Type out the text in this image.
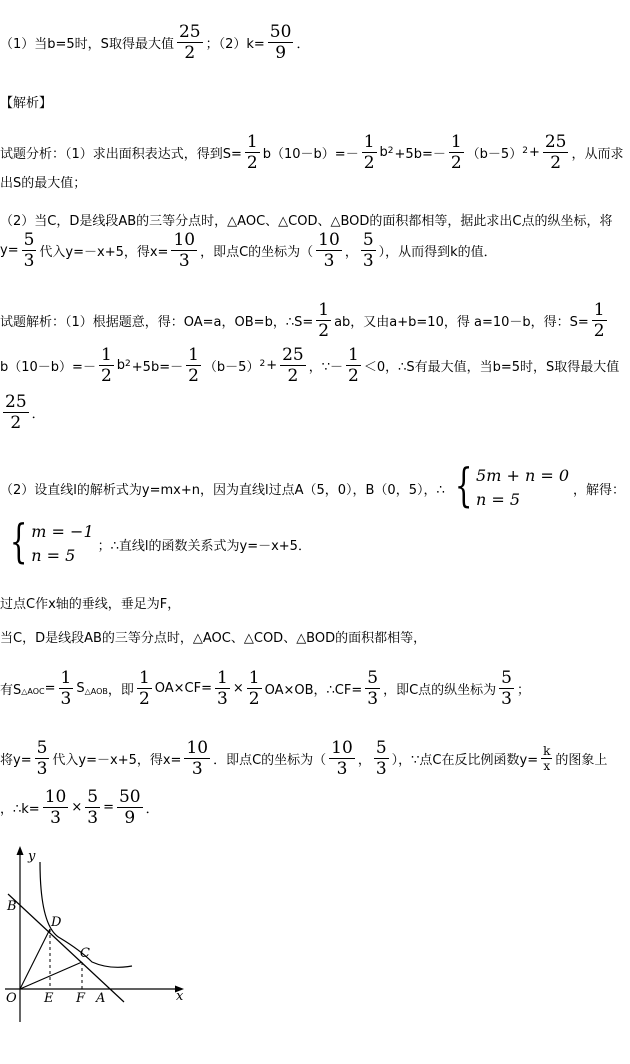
（1）当b=5时，S取得最大值 $\frac{25}{2}$ ；$(2)k= \frac{50}{9}$ ．
【解析】
试题分析：（1）求出面积表达式，得到$S= \frac{1}{2} b(10-b)=- \frac{1}{2}$ b $2 +5b=- \frac{1}{2} (b-5) 2 + \frac{25}{2}$ ，从而求
出S的最大值；
（2）当C，D是线段AB的三等分点时，△AOC、△COD、△BOD的面积都相等，据此求出C点的纵坐标，将
$y= \frac{5}{3}$ 代入y=－x+5，得$x= \frac{10}{3}$ ，即点C的坐标为（ $\frac{10}{3}$ ， $\frac{5}{3}$ ），从而得到k的值．
试题解析：（1）根据题意，得：OA=a，OB=b，∴S= $\frac{1}{2}$ ab，又由a+b=10，得 a=10－b，得：$S= \frac{1}{2}$
$b(10-b)=- \frac{1}{2}$ b $2 +5b=- \frac{1}{2} (b-5) 2 + \frac{25}{2}$ ，∵－ $\frac{1}{2} <0$，∴S有最大值，当b=5时，S取得最大值
$\frac{25}{2}$ ．
（2）设直线l的解析式为y=mx+n，因为直线l过点A（5，0），B（0，5），∴ { 5m + n = 0
n = 5	，解得：
{ m = −1
n = 5	；∴直线l的函数关系式为y=－x+5．
过点C作x轴的垂线，垂足为F，
当C，D是线段AB的三等分点时，△AOC、△COD、△BOD的面积都相等，
有S △AOC = $\frac{1}{3}$ S △AOB ，即 $\frac{1}{2} OA\times CF= \frac{1}{3} \times \frac{1}{2} OA\times OB$，∴CF= $\frac{5}{3}$ ，即C点的纵坐标为 $\frac{5}{3}$ ；
将$y= \frac{5}{3}$ 代入y=－x+5，得$x= \frac{10}{3}$ ．即点C的坐标为（ $\frac{10}{3}$ ， $\frac{5}{3}$ ），∵点C在反比例函数$y= \frac{k}{x}$ 的图象上
，∴k= $\frac{10}{3} \times \frac{5}{3} = \frac{50}{9}$ ．
y
x
B
D
C
O E F A
